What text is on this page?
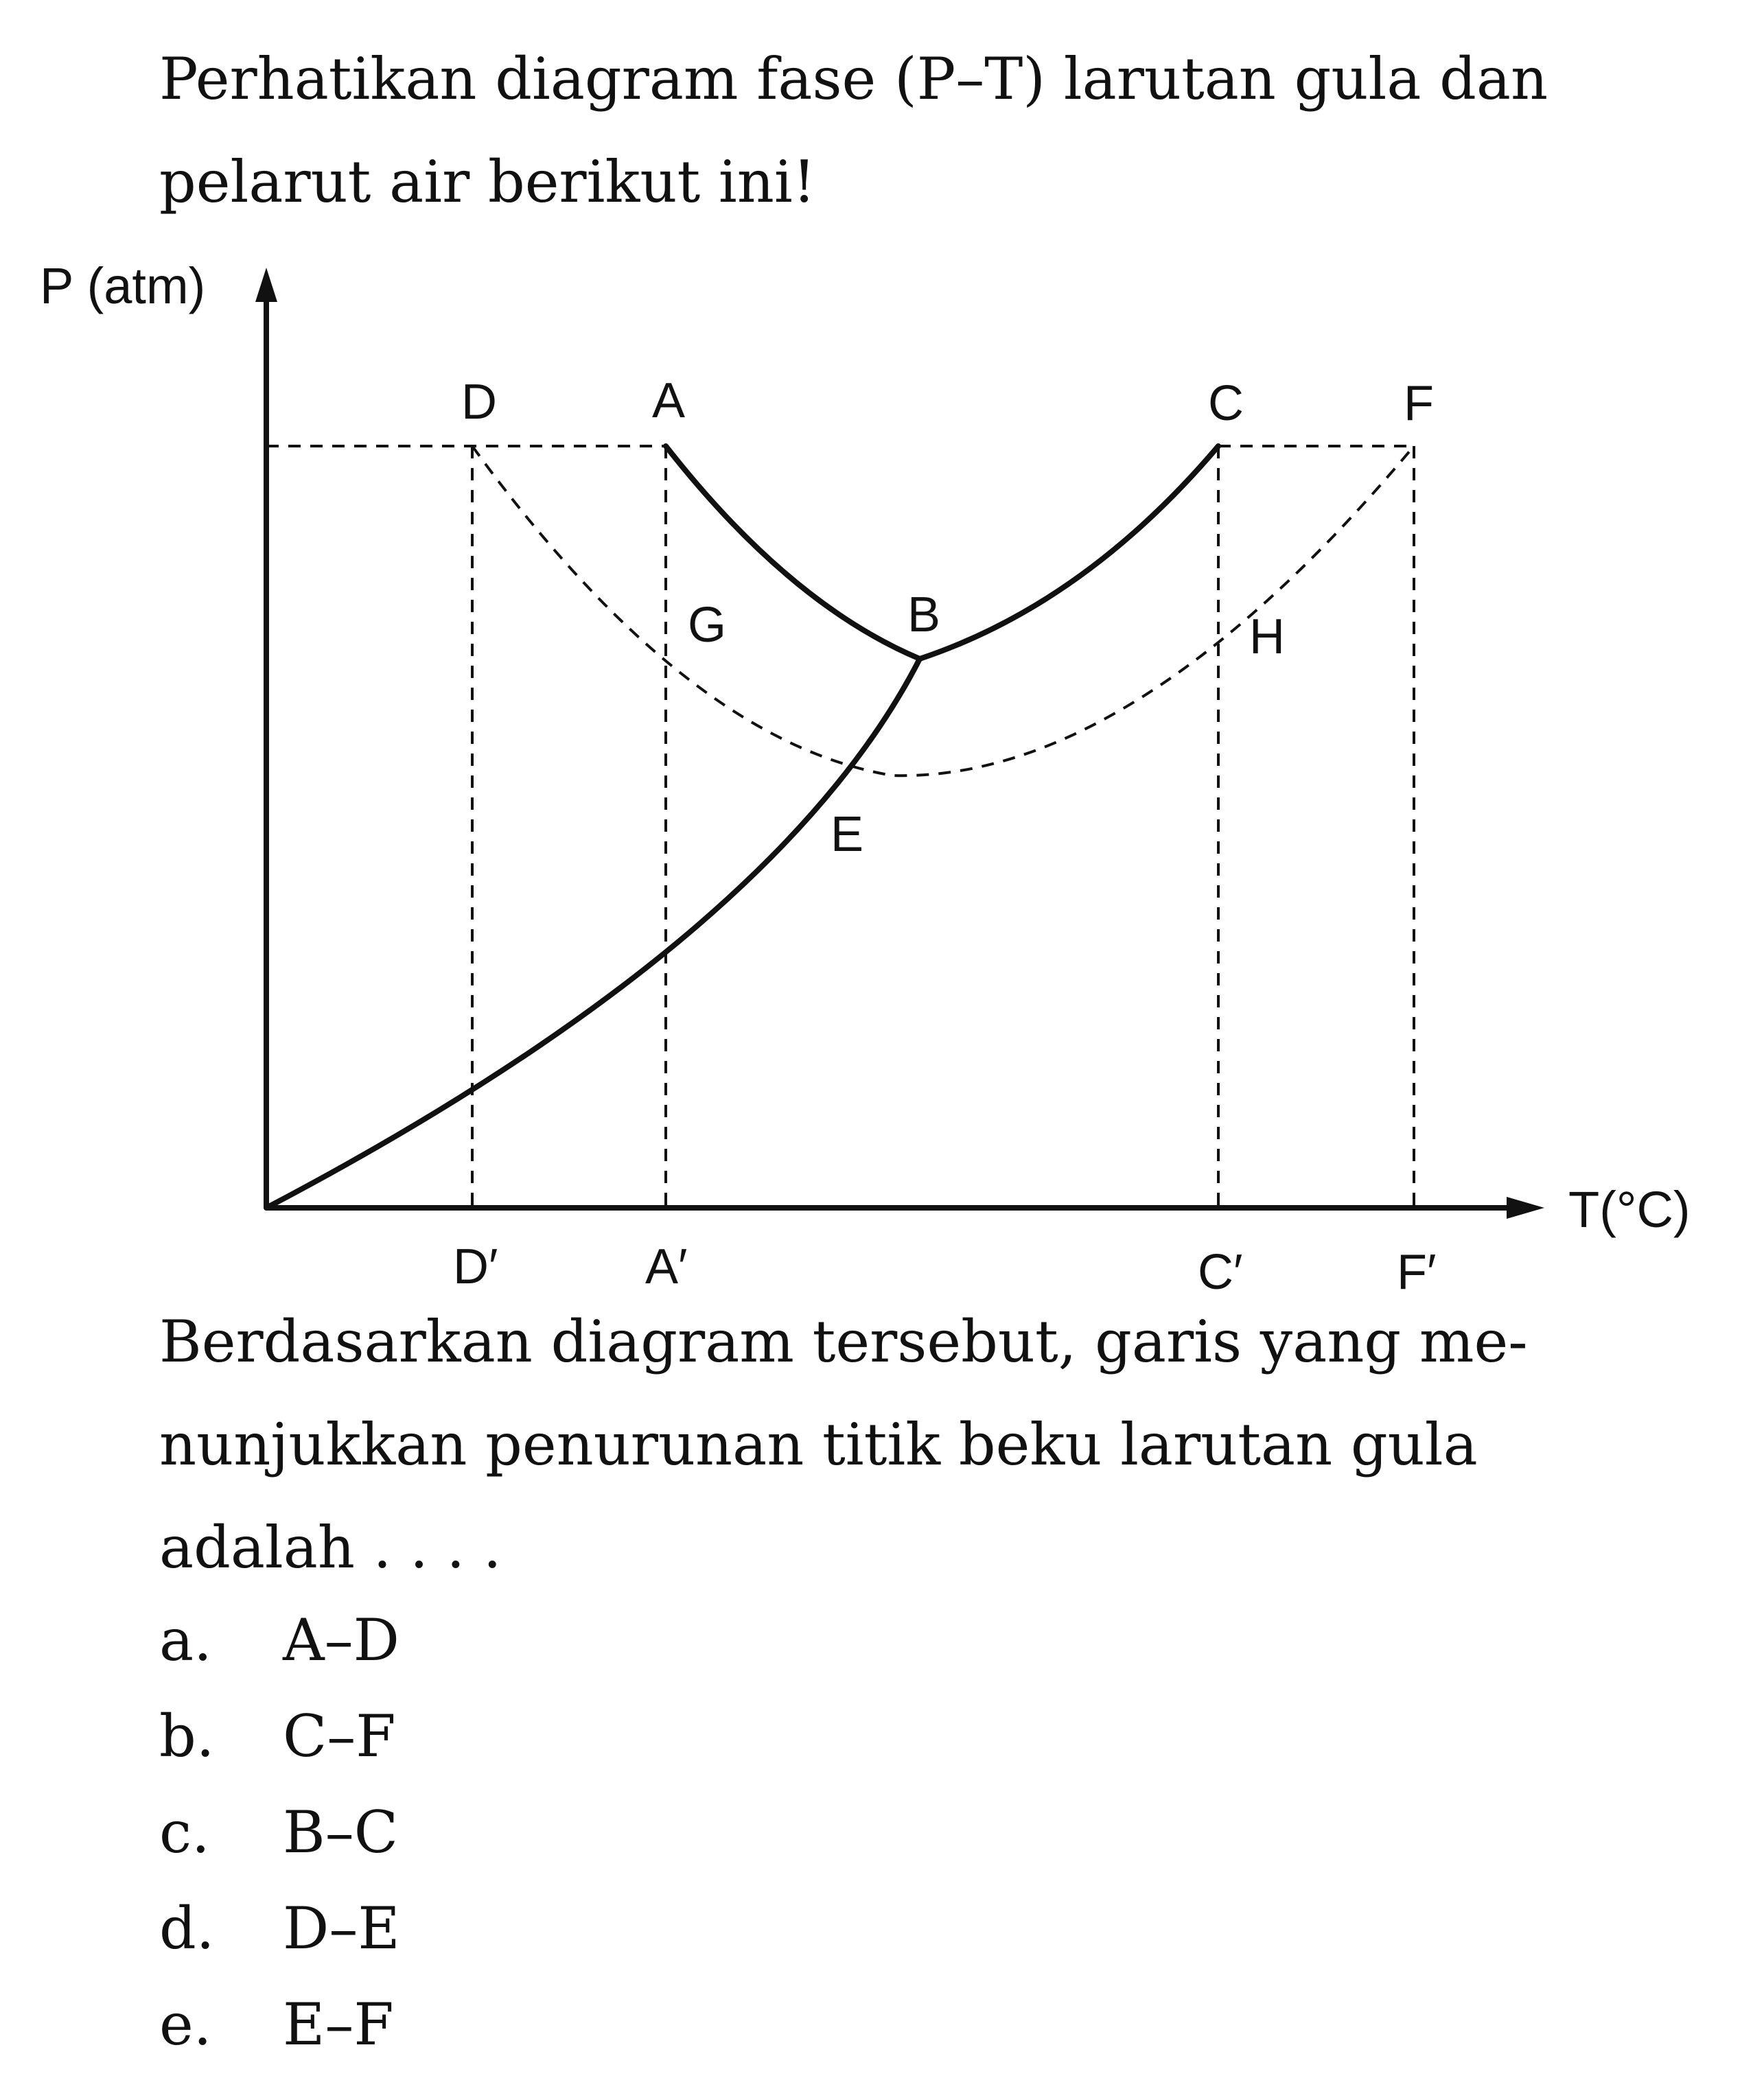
Perhatikan diagram fase (P–T) larutan gula dan
pelarut air berikut ini!
D	A	C	F
G	B	H
E
D′	A′	C′	F′
P (atm)
T(°C)
Berdasarkan diagram tersebut, garis yang me-
nunjukkan penurunan titik beku larutan gula
adalah . . . .
a.	A–D
b.	C–F
c.	B–C
d.	D–E
e.	E–F
